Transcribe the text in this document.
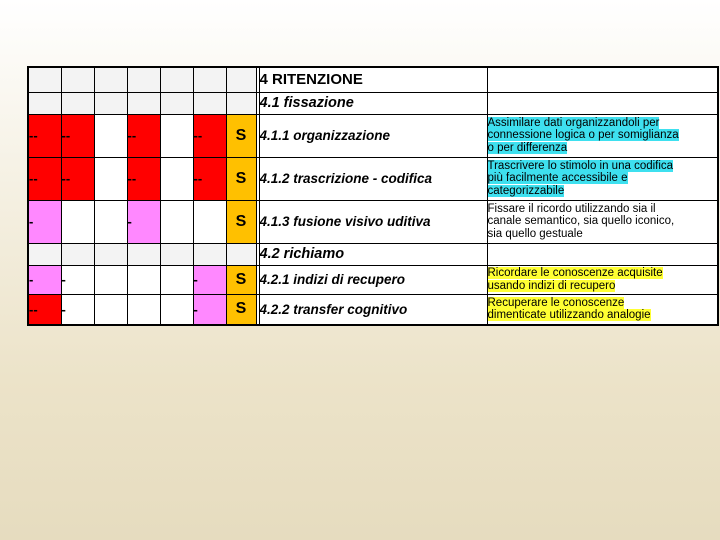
								4 RITENZIONE	
								4.1 fissazione	
--	--		--		--	S		4.1.1 organizzazione	Assimilare dati organizzandoli per
connessione logica o per somiglianza
o per differenza

--	--		--		--	S		4.1.2 trascrizione - codifica	Trascrivere lo stimolo in una codifica
più facilmente accessibile e
categorizzabile

-			-			S		4.1.3 fusione visivo uditiva	Fissare il ricordo utilizzando sia il
canale semantico, sia quello iconico,
sia quello gestuale

								4.2 richiamo	
-	-				-	S		4.2.1 indizi di recupero	Ricordare le conoscenze acquisite
usando indizi di recupero

--	-				-	S		4.2.2 transfer cognitivo	Recuperare le conoscenze
dimenticate utilizzando analogie
